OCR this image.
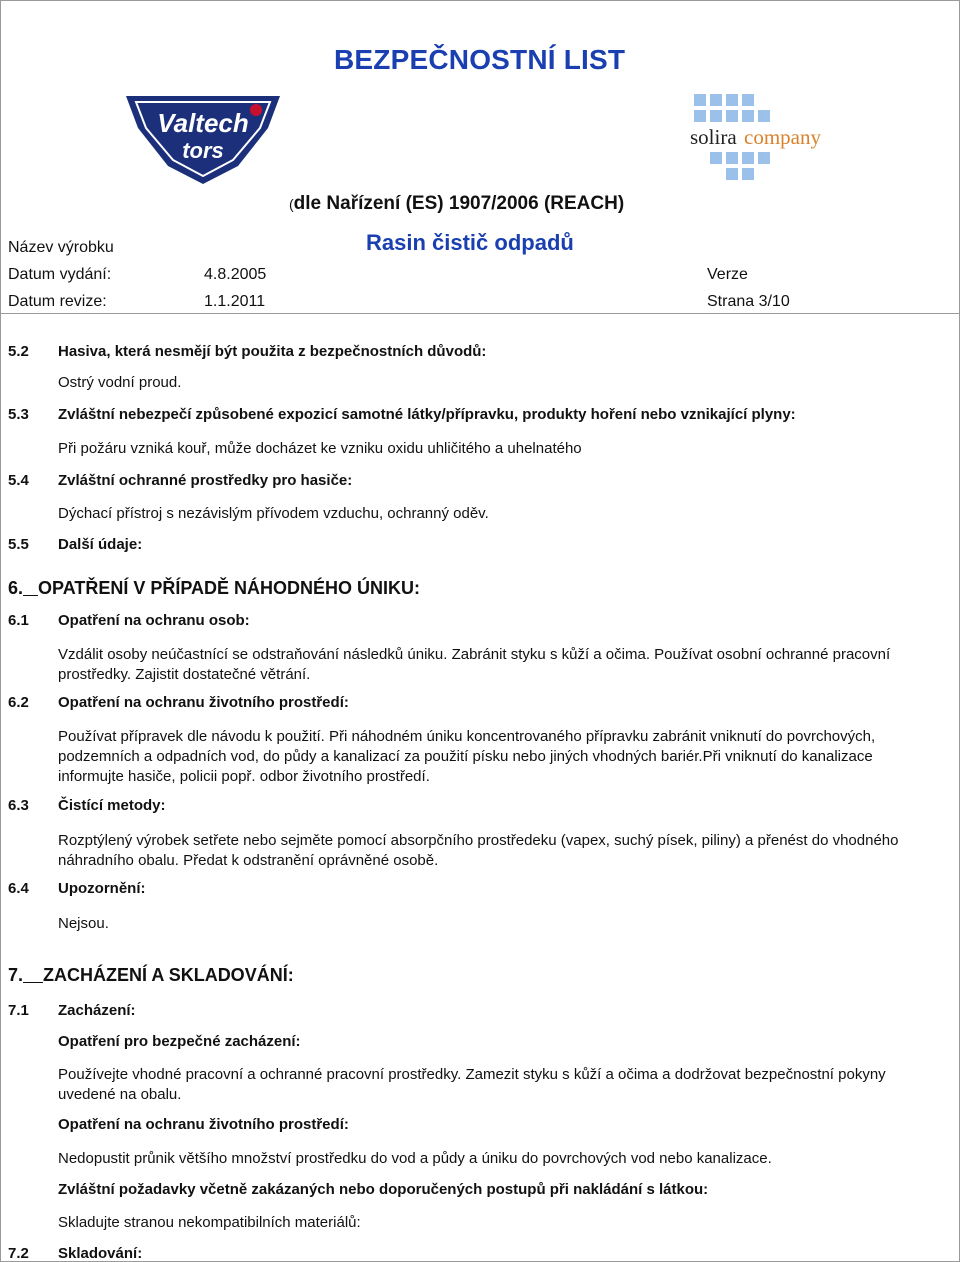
BEZPEČNOSTNÍ LIST
Valtech
tors
solira company
(dle Nařízení (ES) 1907/2006 (REACH)
Název výrobku	Rasin čistič odpadů
Datum vydání:	4.8.2005	Verze
Datum revize:	1.1.2011	Strana 3/10
5.2 Hasiva, která nesmějí být použita z bezpečnostních důvodů:
Ostrý vodní proud.
5.3 Zvláštní nebezpečí způsobené expozicí samotné látky/přípravku, produkty hoření nebo vznikající plyny:
Při požáru vzniká kouř, může docházet ke vzniku oxidu uhličitého a uhelnatého
5.4 Zvláštní ochranné prostředky pro hasiče:
Dýchací přístroj s nezávislým přívodem vzduchu, ochranný oděv.
5.5 Další údaje:
6. OPATŘENÍ V PŘÍPADĚ NÁHODNÉHO ÚNIKU:
6.1 Opatření na ochranu osob:
Vzdálit osoby neúčastnící se odstraňování následků úniku. Zabránit styku s kůží a očima. Používat osobní ochranné pracovní prostředky. Zajistit dostatečné větrání.
6.2 Opatření na ochranu životního prostředí:
Používat přípravek dle návodu k použití. Při náhodném úniku koncentrovaného přípravku zabránit vniknutí do povrchových, podzemních a odpadních vod, do půdy a kanalizací za použití písku nebo jiných vhodných bariér.Při vniknutí do kanalizace informujte hasiče, policii popř. odbor životního prostředí.
6.3 Čistící metody:
Rozptýlený výrobek setřete nebo sejměte pomocí absorpčního prostředeku (vapex, suchý písek, piliny) a přenést do vhodného náhradního obalu. Předat k odstranění oprávněné osobě.
6.4 Upozornění:
Nejsou.
7. ZACHÁZENÍ A SKLADOVÁNÍ:
7.1 Zacházení:
Opatření pro bezpečné zacházení:
Používejte vhodné pracovní a ochranné pracovní prostředky. Zamezit styku s kůží a očima a dodržovat bezpečnostní pokyny uvedené na obalu.
Opatření na ochranu životního prostředí:
Nedopustit průnik většího množství prostředku do vod a půdy a úniku do povrchových vod nebo kanalizace.
Zvláštní požadavky včetně zakázaných nebo doporučených postupů při nakládání s látkou:
Skladujte stranou nekompatibilních materiálů:
7.2 Skladování:
